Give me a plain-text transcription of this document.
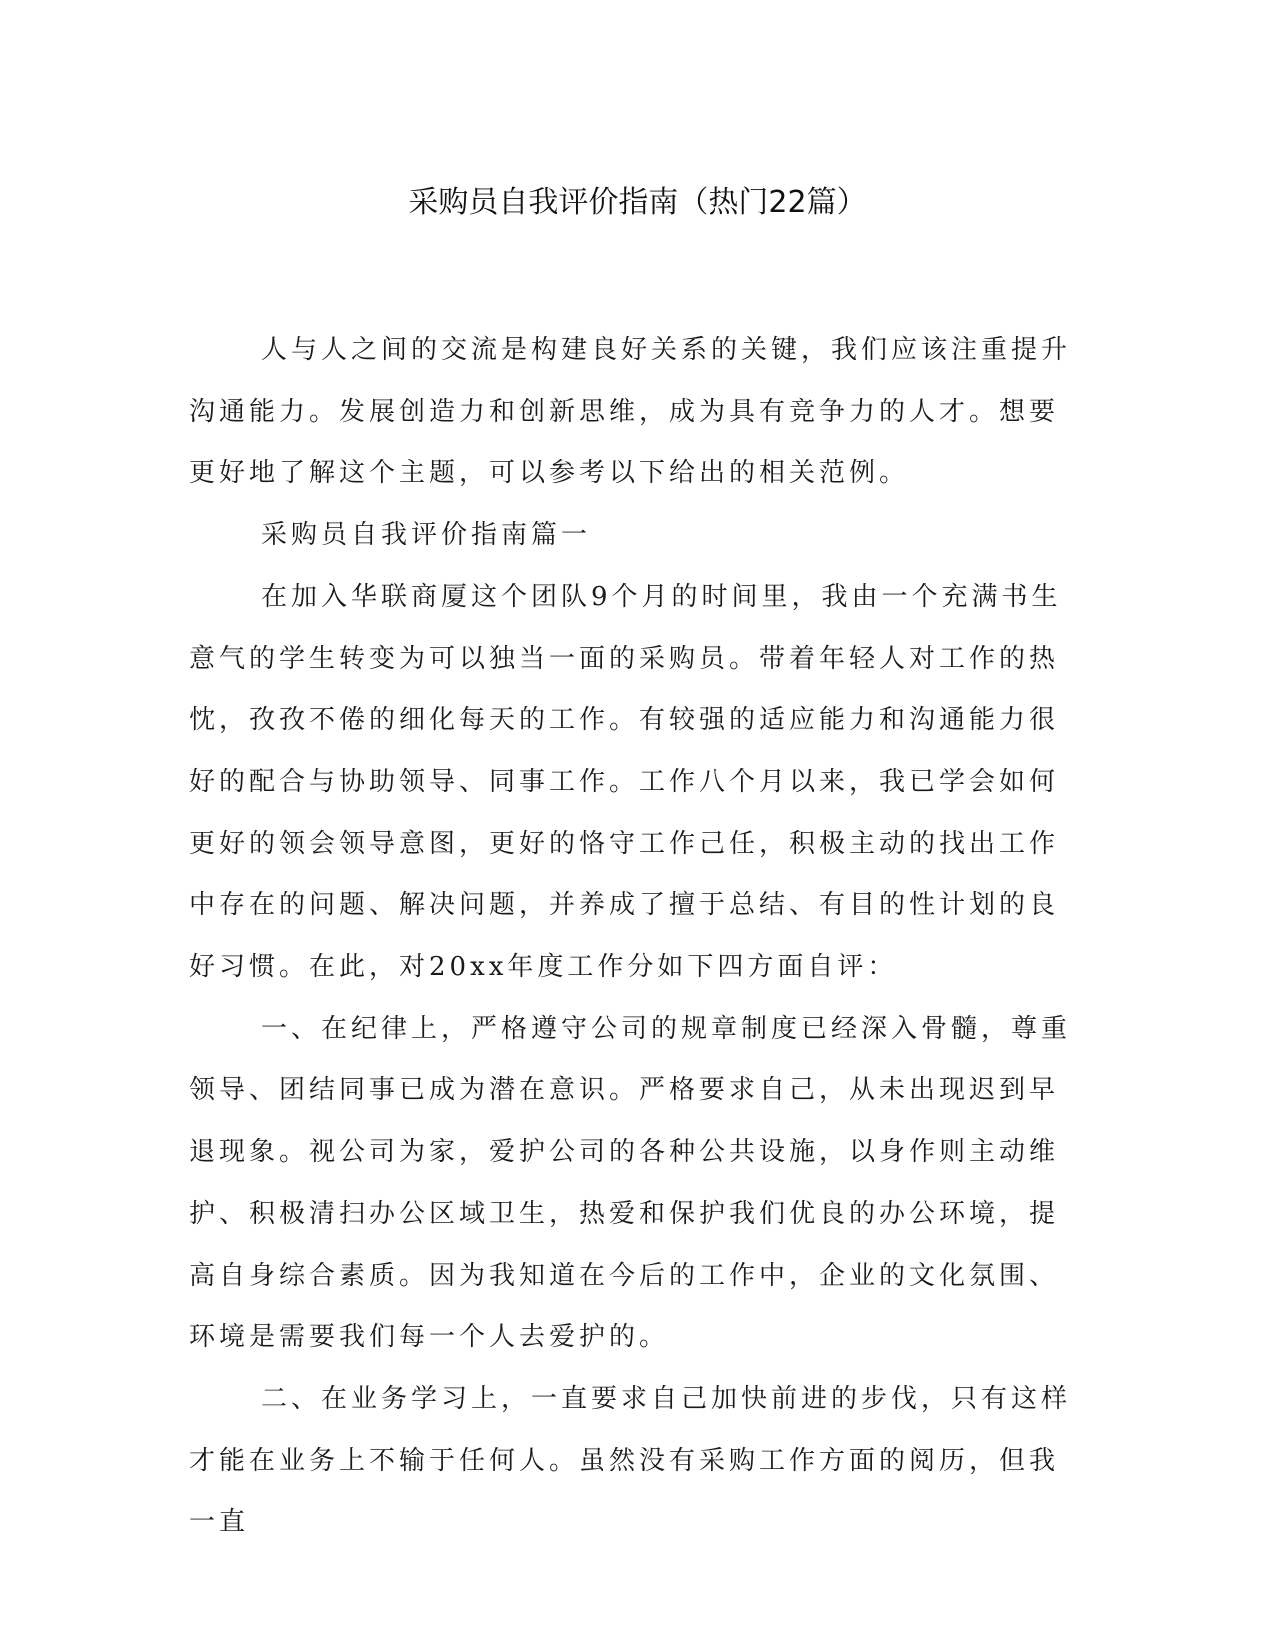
采购员自我评价指南（热门22篇）

人与人之间的交流是构建良好关系的关键，我们应该注重提升沟通能力。发展创造力和创新思维，成为具有竞争力的人才。想要更好地了解这个主题，可以参考以下给出的相关范例。

采购员自我评价指南篇一

在加入华联商厦这个团队9个月的时间里，我由一个充满书生意气的学生转变为可以独当一面的采购员。带着年轻人对工作的热忱，孜孜不倦的细化每天的工作。有较强的适应能力和沟通能力很好的配合与协助领导、同事工作。工作八个月以来，我已学会如何更好的领会领导意图，更好的恪守工作己任，积极主动的找出工作中存在的问题、解决问题，并养成了擅于总结、有目的性计划的良好习惯。在此，对20xx年度工作分如下四方面自评：

一、在纪律上，严格遵守公司的规章制度已经深入骨髓，尊重领导、团结同事已成为潜在意识。严格要求自己，从未出现迟到早退现象。视公司为家，爱护公司的各种公共设施，以身作则主动维护、积极清扫办公区域卫生，热爱和保护我们优良的办公环境，提高自身综合素质。因为我知道在今后的工作中，企业的文化氛围、环境是需要我们每一个人去爱护的。

二、在业务学习上，一直要求自己加快前进的步伐，只有这样才能在业务上不输于任何人。虽然没有采购工作方面的阅历，但我一直
